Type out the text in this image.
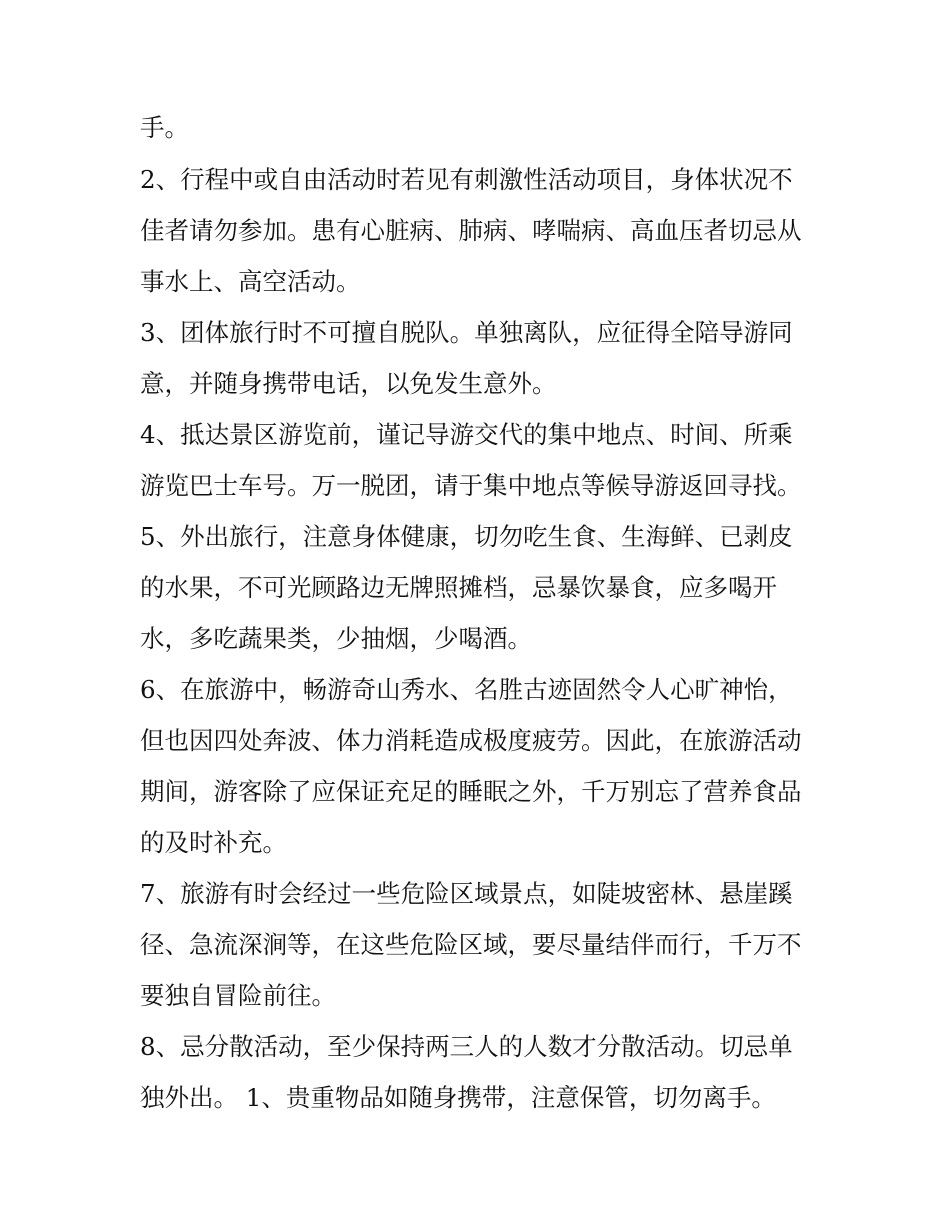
手。
2、行程中或自由活动时若见有刺激性活动项目，身体状况不
佳者请勿参加。患有心脏病、肺病、哮喘病、高血压者切忌从
事水上、高空活动。
3、团体旅行时不可擅自脱队。单独离队，应征得全陪导游同
意，并随身携带电话，以免发生意外。
4、抵达景区游览前，谨记导游交代的集中地点、时间、所乘
游览巴士车号。万一脱团，请于集中地点等候导游返回寻找。
5、外出旅行，注意身体健康，切勿吃生食、生海鲜、已剥皮
的水果，不可光顾路边无牌照摊档，忌暴饮暴食，应多喝开
水，多吃蔬果类，少抽烟，少喝酒。
6、在旅游中，畅游奇山秀水、名胜古迹固然令人心旷神怡，
但也因四处奔波、体力消耗造成极度疲劳。因此，在旅游活动
期间，游客除了应保证充足的睡眠之外，千万别忘了营养食品
的及时补充。
7、旅游有时会经过一些危险区域景点，如陡坡密林、悬崖蹊
径、急流深涧等，在这些危险区域，要尽量结伴而行，千万不
要独自冒险前往。
8、忌分散活动，至少保持两三人的人数才分散活动。切忌单
独外出。 1、贵重物品如随身携带，注意保管，切勿离手。
